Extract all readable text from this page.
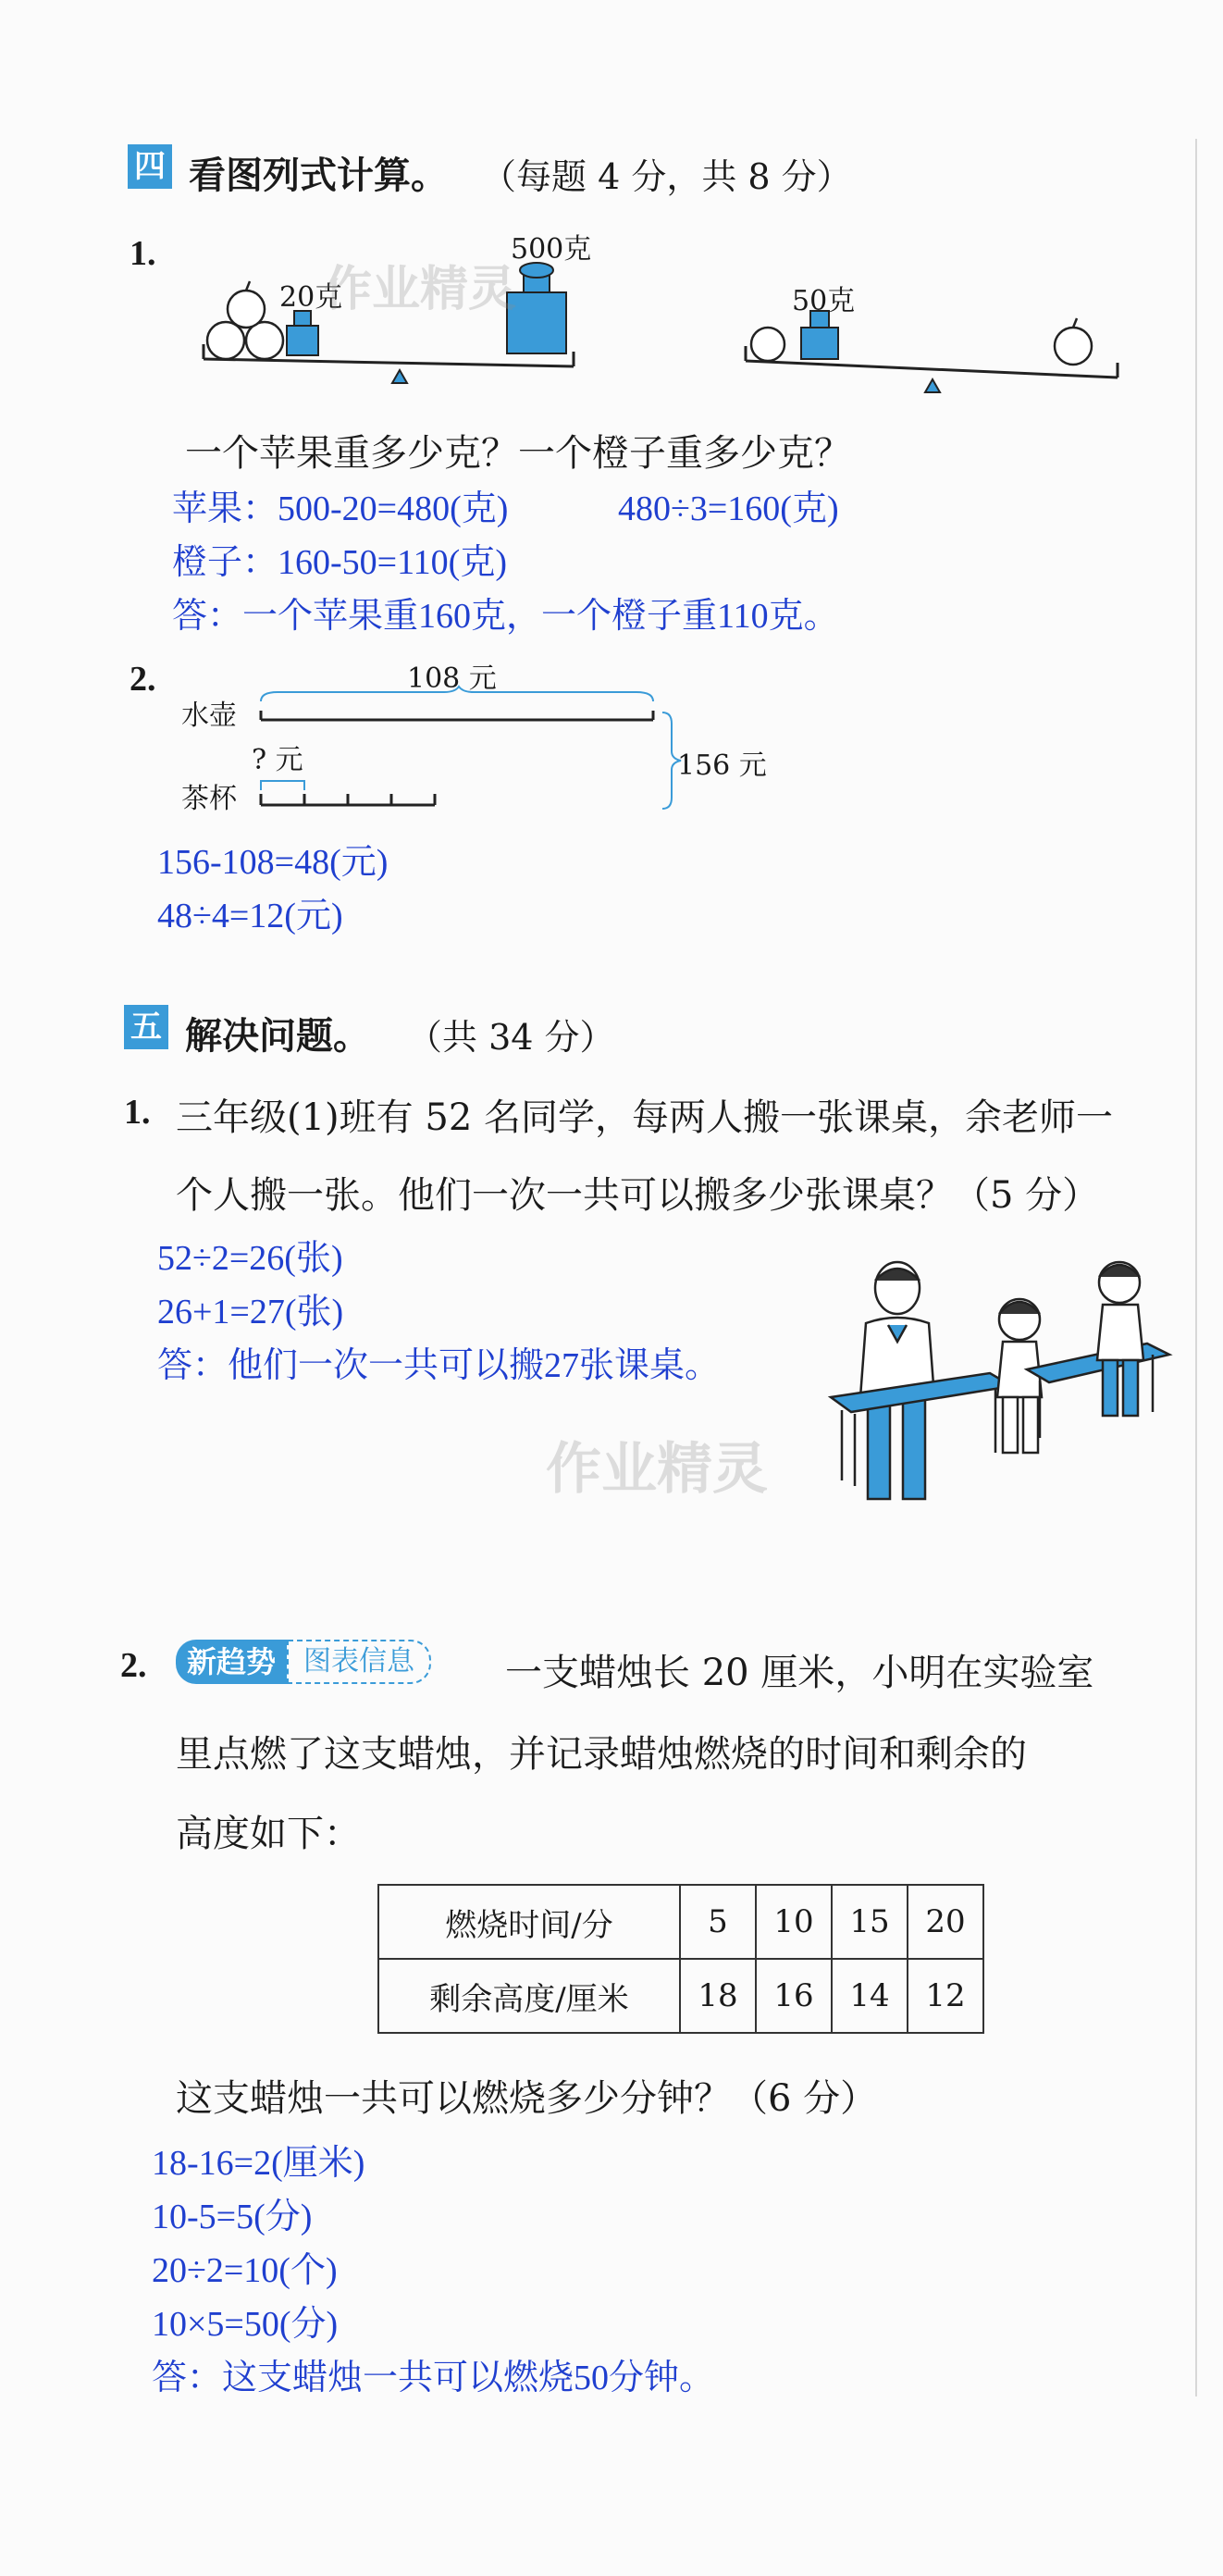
四 看图列式计算。 （每题 4 分，共 8 分）
1.	500克
20克	50克
一个苹果重多少克？一个橙子重多少克？
苹果：500-20=480(克)	480÷3=160(克)
橙子：160-50=110(克)
答：一个苹果重160克，一个橙子重110克。
2.	108 元
水壶
? 元
茶杯
156 元
156-108=48(元)
48÷4=12(元)
五 解决问题。 （共 34 分）
1. 三年级(1)班有 52 名同学，每两人搬一张课桌，余老师一
个人搬一张。他们一次一共可以搬多少张课桌？（5 分）
52÷2=26(张)
26+1=27(张)
答：他们一次一共可以搬27张课桌。
2.	新趋势	图表信息	一支蜡烛长 20 厘米，小明在实验室
里点燃了这支蜡烛，并记录蜡烛燃烧的时间和剩余的
高度如下：
燃烧时间/分	5	10	15	20
剩余高度/厘米	18	16	14	12
这支蜡烛一共可以燃烧多少分钟？（6 分）
18-16=2(厘米)
10-5=5(分)
20÷2=10(个)
10×5=50(分)
答：这支蜡烛一共可以燃烧50分钟。
作业精灵
作业精灵
